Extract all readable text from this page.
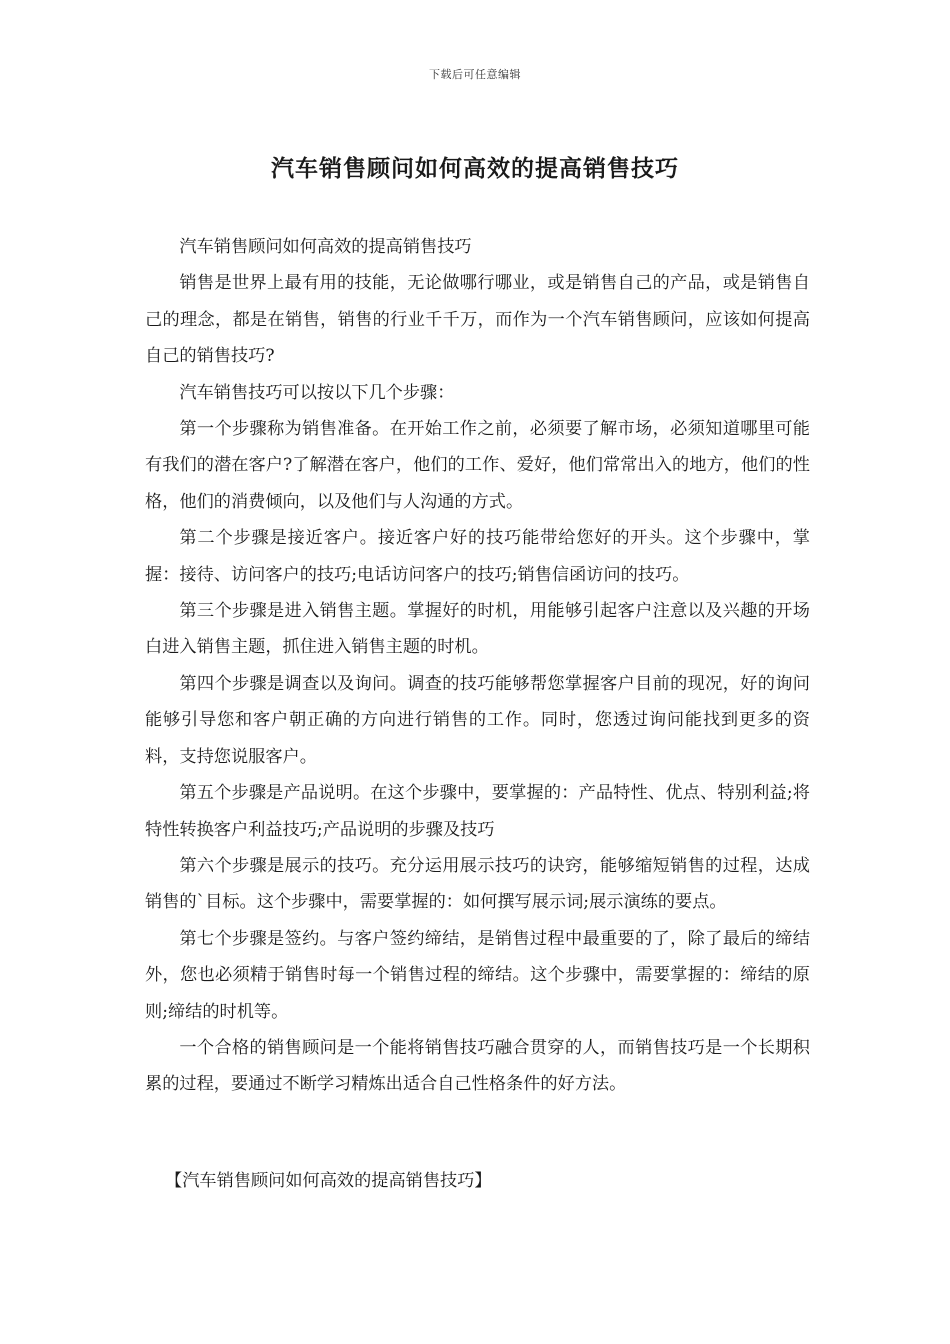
下载后可任意编辑
汽车销售顾问如何高效的提高销售技巧

汽车销售顾问如何高效的提高销售技巧

销售是世界上最有用的技能，无论做哪行哪业，或是销售自己的产品，或是销售自己的理念，都是在销售，销售的行业千千万，而作为一个汽车销售顾问，应该如何提高自己的销售技巧?

汽车销售技巧可以按以下几个步骤：

第一个步骤称为销售准备。在开始工作之前，必须要了解市场，必须知道哪里可能有我们的潜在客户?了解潜在客户，他们的工作、爱好，他们常常出入的地方，他们的性格，他们的消费倾向，以及他们与人沟通的方式。

第二个步骤是接近客户。接近客户好的技巧能带给您好的开头。这个步骤中，掌握：接待、访问客户的技巧;电话访问客户的技巧;销售信函访问的技巧。

第三个步骤是进入销售主题。掌握好的时机，用能够引起客户注意以及兴趣的开场白进入销售主题，抓住进入销售主题的时机。

第四个步骤是调查以及询问。调查的技巧能够帮您掌握客户目前的现况，好的询问能够引导您和客户朝正确的方向进行销售的工作。同时，您透过询问能找到更多的资料，支持您说服客户。

第五个步骤是产品说明。在这个步骤中，要掌握的：产品特性、优点、特别利益;将特性转换客户利益技巧;产品说明的步骤及技巧

第六个步骤是展示的技巧。充分运用展示技巧的诀窍，能够缩短销售的过程，达成销售的`目标。这个步骤中，需要掌握的：如何撰写展示词;展示演练的要点。

第七个步骤是签约。与客户签约缔结，是销售过程中最重要的了，除了最后的缔结外，您也必须精于销售时每一个销售过程的缔结。这个步骤中，需要掌握的：缔结的原则;缔结的时机等。

一个合格的销售顾问是一个能将销售技巧融合贯穿的人，而销售技巧是一个长期积累的过程，要通过不断学习精炼出适合自己性格条件的好方法。

【汽车销售顾问如何高效的提高销售技巧】
